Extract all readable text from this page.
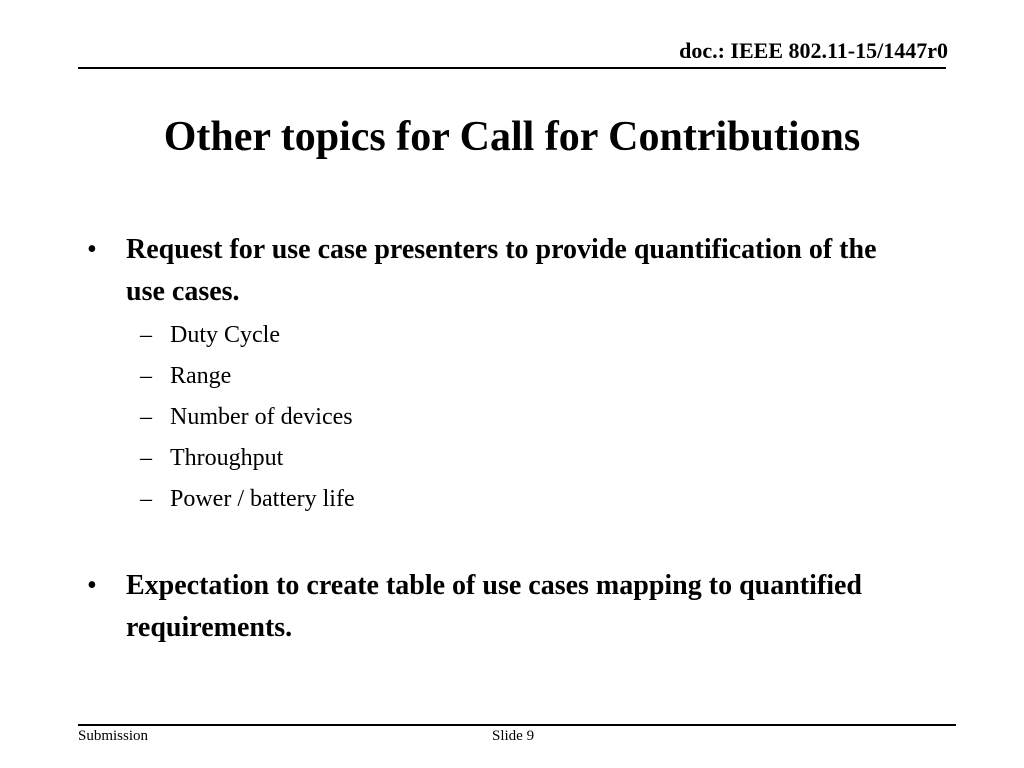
doc.: IEEE 802.11-15/1447r0
Other topics for Call for Contributions
• Request for use case presenters to provide quantification of the use cases.

– Duty Cycle
– Range
– Number of devices
– Throughput
– Power / battery life
• Expectation to create table of use cases mapping to quantified requirements.

Submission	Slide 9
